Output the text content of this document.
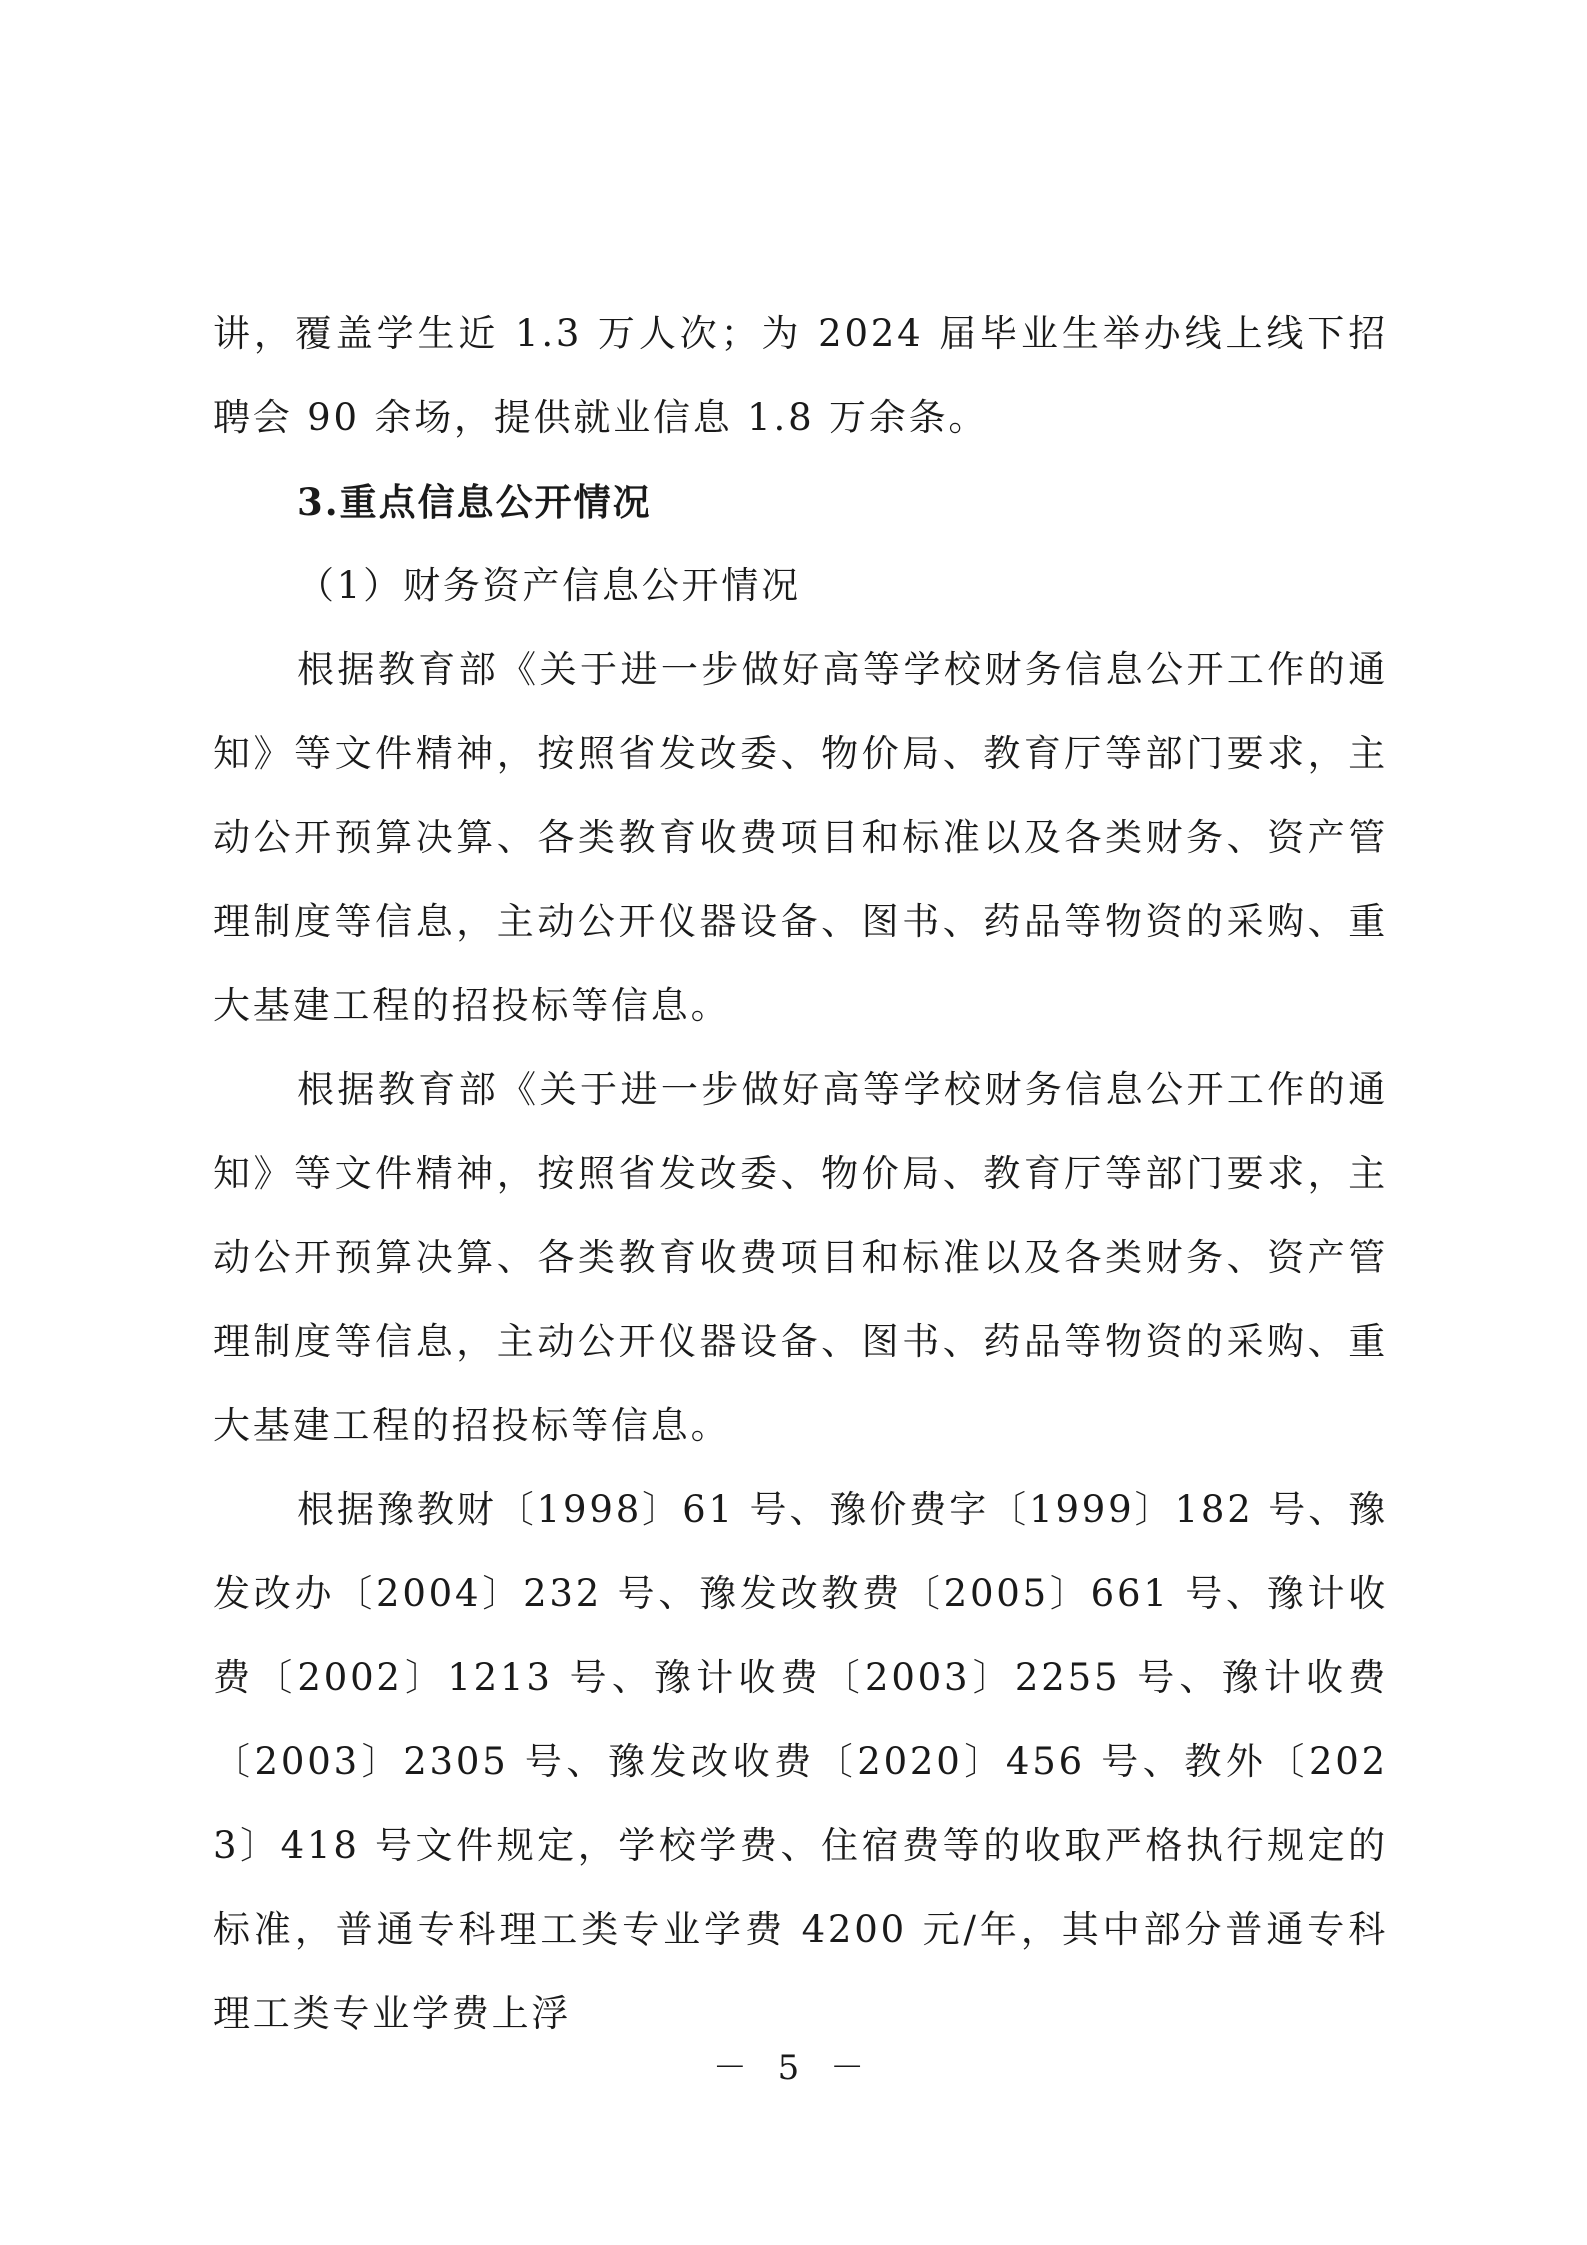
讲，覆盖学生近 1.3 万人次；为 2024 届毕业生举办线上线下招聘会 90 余场，提供就业信息 1.8 万余条。

3.重点信息公开情况

（1）财务资产信息公开情况

根据教育部《关于进一步做好高等学校财务信息公开工作的通知》等文件精神，按照省发改委、物价局、教育厅等部门要求，主动公开预算决算、各类教育收费项目和标准以及各类财务、资产管理制度等信息，主动公开仪器设备、图书、药品等物资的采购、重大基建工程的招投标等信息。

根据教育部《关于进一步做好高等学校财务信息公开工作的通知》等文件精神，按照省发改委、物价局、教育厅等部门要求，主动公开预算决算、各类教育收费项目和标准以及各类财务、资产管理制度等信息，主动公开仪器设备、图书、药品等物资的采购、重大基建工程的招投标等信息。

根据豫教财〔1998〕61 号、豫价费字〔1999〕182 号、豫发改办〔2004〕232 号、豫发改教费〔2005〕661 号、豫计收费〔2002〕1213 号、豫计收费〔2003〕2255 号、豫计收费〔2003〕2305 号、豫发改收费〔2020〕456 号、教外〔2023〕418 号文件规定，学校学费、住宿费等的收取严格执行规定的标准，普通专科理工类专业学费 4200 元/年，其中部分普通专科理工类专业学费上浮

－ 5 －
